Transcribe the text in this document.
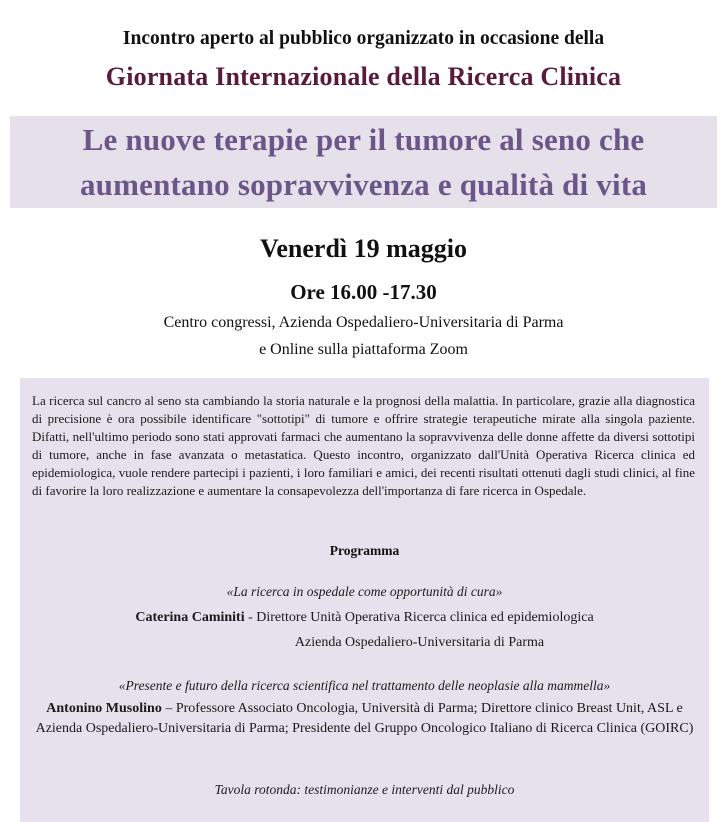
Incontro aperto al pubblico organizzato in occasione della
Giornata Internazionale della Ricerca Clinica
Le nuove terapie per il tumore al seno che
aumentano sopravvivenza e qualità di vita
Venerdì 19 maggio
Ore 16.00 -17.30
Centro congressi, Azienda Ospedaliero-Universitaria di Parma
e Online sulla piattaforma Zoom
La ricerca sul cancro al seno sta cambiando la storia naturale e la prognosi della malattia. In particolare, grazie alla diagnostica di precisione è ora possibile identificare "sottotipi" di tumore e offrire strategie terapeutiche mirate alla singola paziente. Difatti, nell'ultimo periodo sono stati approvati farmaci che aumentano la sopravvivenza delle donne affette da diversi sottotipi di tumore, anche in fase avanzata o metastatica. Questo incontro, organizzato dall'Unità Operativa Ricerca clinica ed epidemiologica, vuole rendere partecipi i pazienti, i loro familiari e amici, dei recenti risultati ottenuti dagli studi clinici, al fine di favorire la loro realizzazione e aumentare la consapevolezza dell'importanza di fare ricerca in Ospedale.
Programma
«La ricerca in ospedale come opportunità di cura»
Caterina Caminiti - Direttore Unità Operativa Ricerca clinica ed epidemiologica
Azienda Ospedaliero-Universitaria di Parma
«Presente e futuro della ricerca scientifica nel trattamento delle neoplasie alla mammella»
Antonino Musolino – Professore Associato Oncologia, Università di Parma; Direttore clinico Breast Unit, ASL e Azienda Ospedaliero-Universitaria di Parma; Presidente del Gruppo Oncologico Italiano di Ricerca Clinica (GOIRC)
Tavola rotonda: testimonianze e interventi dal pubblico
